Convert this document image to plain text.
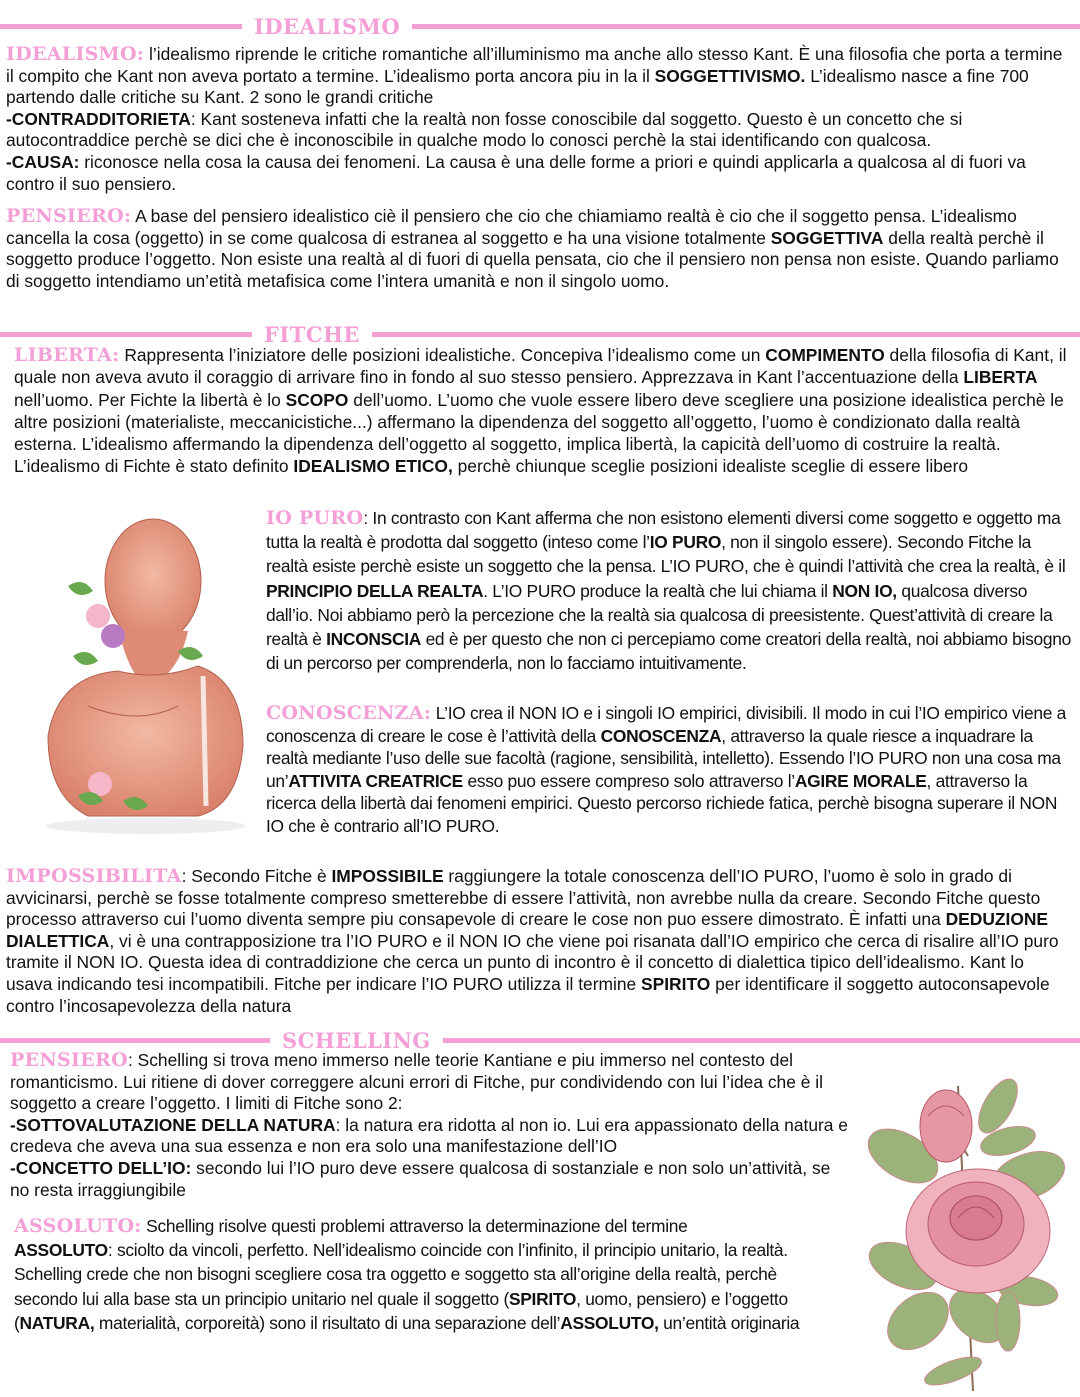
IDEALISMO
IDEALISMO: l’idealismo riprende le critiche romantiche all’illuminismo ma anche allo stesso Kant. È una filosofia che porta a termine il compito che Kant non aveva portato a termine. L’idealismo porta ancora piu in la il SOGGETTIVISMO. L’idealismo nasce a fine 700 partendo dalle critiche su Kant. 2 sono le grandi critiche
-CONTRADDITORIETA: Kant sosteneva infatti che la realtà non fosse conoscibile dal soggetto. Questo è un concetto che si autocontraddice perchè se dici che è inconoscibile in qualche modo lo conosci perchè la stai identificando con qualcosa.
-CAUSA: riconosce nella cosa la causa dei fenomeni. La causa è una delle forme a priori e quindi applicarla a qualcosa al di fuori va contro il suo pensiero.
PENSIERO: A base del pensiero idealistico ciè il pensiero che cio che chiamiamo realtà è cio che il soggetto pensa. L’idealismo cancella la cosa (oggetto) in se come qualcosa di estranea al soggetto e ha una visione totalmente SOGGETTIVA della realtà perchè il soggetto produce l’oggetto. Non esiste una realtà al di fuori di quella pensata, cio che il pensiero non pensa non esiste. Quando parliamo di soggetto intendiamo un’etità metafisica come l’intera umanità e non il singolo uomo.
FITCHE
LIBERTA: Rappresenta l’iniziatore delle posizioni idealistiche. Concepiva l’idealismo come un COMPIMENTO della filosofia di Kant, il quale non aveva avuto il coraggio di arrivare fino in fondo al suo stesso pensiero. Apprezzava in Kant l’accentuazione della LIBERTA nell’uomo. Per Fichte la libertà è lo SCOPO dell’uomo. L’uomo che vuole essere libero deve scegliere una posizione idealistica perchè le altre posizioni (materialiste, meccanicistiche...) affermano la dipendenza del soggetto all’oggetto, l’uomo è condizionato dalla realtà esterna. L’idealismo affermando la dipendenza dell’oggetto al soggetto, implica libertà, la capicità dell’uomo di costruire la realtà. L’idealismo di Fichte è stato definito IDEALISMO ETICO, perchè chiunque sceglie posizioni idealiste sceglie di essere libero
IO PURO: In contrasto con Kant afferma che non esistono elementi diversi come soggetto e oggetto ma tutta la realtà è prodotta dal soggetto (inteso come l’IO PURO, non il singolo essere). Secondo Fitche la realtà esiste perchè esiste un soggetto che la pensa. L’IO PURO, che è quindi l’attività che crea la realtà, è il PRINCIPIO DELLA REALTA. L’IO PURO produce la realtà che lui chiama il NON IO, qualcosa diverso dall’io. Noi abbiamo però la percezione che la realtà sia qualcosa di preesistente. Quest’attività di creare la realtà è INCONSCIA ed è per questo che non ci percepiamo come creatori della realtà, noi abbiamo bisogno di un percorso per comprenderla, non lo facciamo intuitivamente.
CONOSCENZA: L’IO crea il NON IO e i singoli IO empirici, divisibili. Il modo in cui l’IO empirico viene a conoscenza di creare le cose è l’attività della CONOSCENZA, attraverso la quale riesce a inquadrare la realtà mediante l’uso delle sue facoltà (ragione, sensibilità, intelletto). Essendo l’IO PURO non una cosa ma un’ATTIVITA CREATRICE esso puo essere compreso solo attraverso l’AGIRE MORALE, attraverso la ricerca della libertà dai fenomeni empirici. Questo percorso richiede fatica, perchè bisogna superare il NON IO che è contrario all’IO PURO.
IMPOSSIBILITA: Secondo Fitche è IMPOSSIBILE raggiungere la totale conoscenza dell’IO PURO, l’uomo è solo in grado di avvicinarsi, perchè se fosse totalmente compreso smetterebbe di essere l’attività, non avrebbe nulla da creare. Secondo Fitche questo processo attraverso cui l’uomo diventa sempre piu consapevole di creare le cose non puo essere dimostrato. È infatti una DEDUZIONE DIALETTICA, vi è una contrapposizione tra l’IO PURO e il NON IO che viene poi risanata dall’IO empirico che cerca di risalire all’IO puro tramite il NON IO. Questa idea di contraddizione che cerca un punto di incontro è il concetto di dialettica tipico dell’idealismo. Kant lo usava indicando tesi incompatibili. Fitche per indicare l’IO PURO utilizza il termine SPIRITO per identificare il soggetto autoconsapevole contro l’incosapevolezza della natura
SCHELLING
PENSIERO: Schelling si trova meno immerso nelle teorie Kantiane e piu immerso nel contesto del romanticismo. Lui ritiene di dover correggere alcuni errori di Fitche, pur condividendo con lui l’idea che è il soggetto a creare l’oggetto. I limiti di Fitche sono 2:
-SOTTOVALUTAZIONE DELLA NATURA: la natura era ridotta al non io. Lui era appassionato della natura e credeva che aveva una sua essenza e non era solo una manifestazione dell’IO
-CONCETTO DELL’IO: secondo lui l’IO puro deve essere qualcosa di sostanziale e non solo un’attività, se no resta irraggiungibile
ASSOLUTO: Schelling risolve questi problemi attraverso la determinazione del termine
ASSOLUTO: sciolto da vincoli, perfetto. Nell’idealismo coincide con l’infinito, il principio unitario, la realtà. Schelling crede che non bisogni scegliere cosa tra oggetto e soggetto sta all’origine della realtà, perchè secondo lui alla base sta un principio unitario nel quale il soggetto (SPIRITO, uomo, pensiero) e l’oggetto (NATURA, materialità, corporeità) sono il risultato di una separazione dell’ASSOLUTO, un’entità originaria
